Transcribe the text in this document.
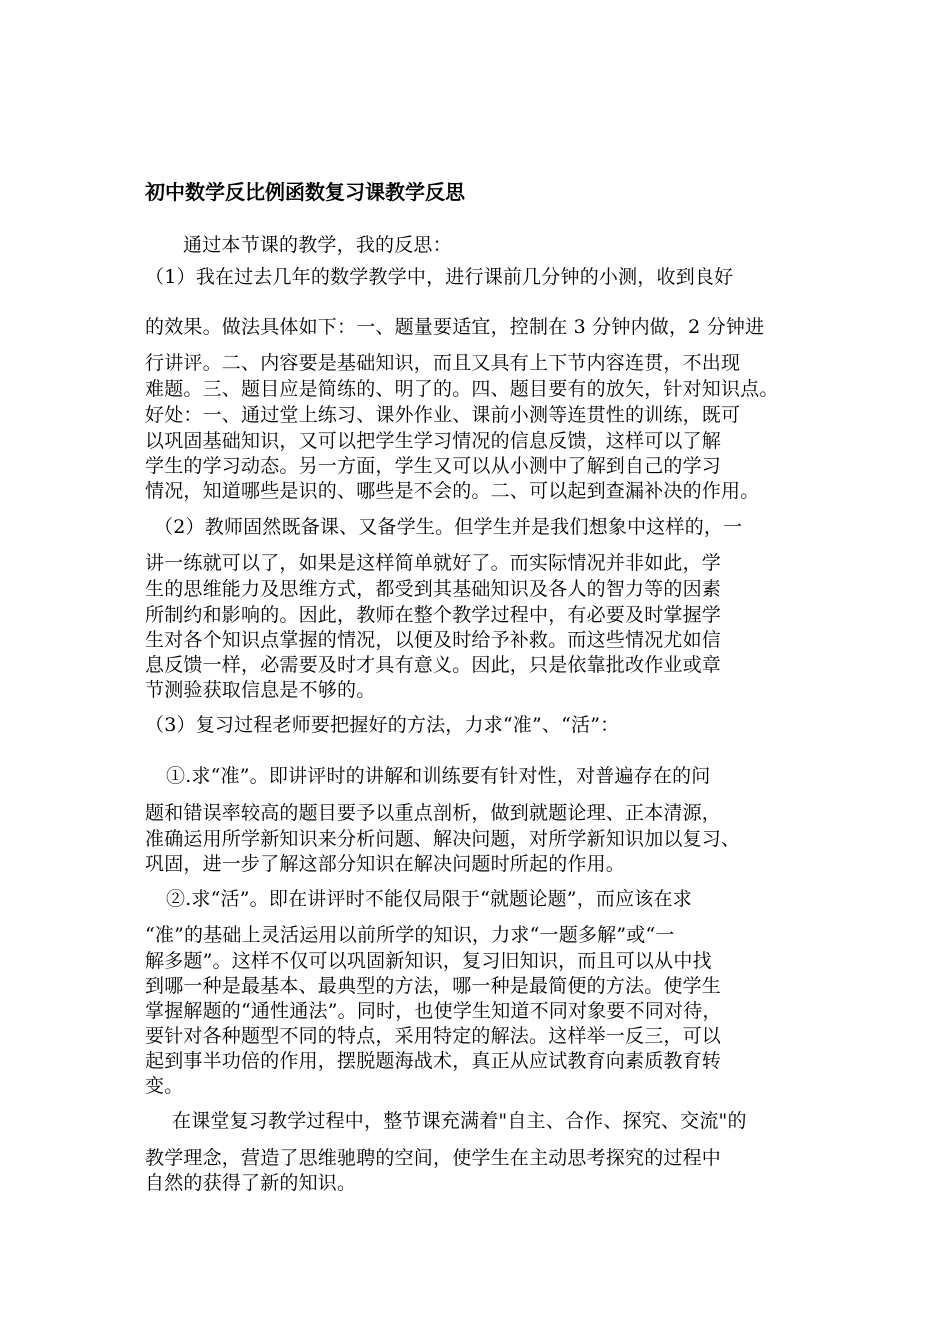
初中数学反比例函数复习课教学反思
通过本节课的教学，我的反思：
（1）我在过去几年的数学教学中，进行课前几分钟的小测，收到良好
的效果。做法具体如下：一、题量要适宜，控制在 3 分钟内做，2 分钟进
行讲评。二、内容要是基础知识，而且又具有上下节内容连贯，不出现
难题。三、题目应是简练的、明了的。四、题目要有的放矢，针对知识点。
好处：一、通过堂上练习、课外作业、课前小测等连贯性的训练，既可
以巩固基础知识，又可以把学生学习情况的信息反馈，这样可以了解
学生的学习动态。另一方面，学生又可以从小测中了解到自己的学习
情况，知道哪些是识的、哪些是不会的。二、可以起到查漏补决的作用。
（2）教师固然既备课、又备学生。但学生并是我们想象中这样的，一
讲一练就可以了，如果是这样简单就好了。而实际情况并非如此，学
生的思维能力及思维方式，都受到其基础知识及各人的智力等的因素
所制约和影响的。因此，教师在整个教学过程中，有必要及时掌握学
生对各个知识点掌握的情况，以便及时给予补救。而这些情况尤如信
息反馈一样，必需要及时才具有意义。因此，只是依靠批改作业或章
节测验获取信息是不够的。
（3）复习过程老师要把握好的方法，力求“准”、“活”：
①.求“准”。即讲评时的讲解和训练要有针对性，对普遍存在的问
题和错误率较高的题目要予以重点剖析，做到就题论理、正本清源，
准确运用所学新知识来分析问题、解决问题，对所学新知识加以复习、
巩固，进一步了解这部分知识在解决问题时所起的作用。
②.求“活”。即在讲评时不能仅局限于“就题论题”，而应该在求
“准”的基础上灵活运用以前所学的知识，力求“一题多解”或“一
解多题”。这样不仅可以巩固新知识，复习旧知识，而且可以从中找
到哪一种是最基本、最典型的方法，哪一种是最简便的方法。使学生
掌握解题的“通性通法”。同时，也使学生知道不同对象要不同对待，
要针对各种题型不同的特点，采用特定的解法。这样举一反三，可以
起到事半功倍的作用，摆脱题海战术，真正从应试教育向素质教育转
变。
在课堂复习教学过程中，整节课充满着"自主、合作、探究、交流"的
教学理念，营造了思维驰聘的空间，使学生在主动思考探究的过程中
自然的获得了新的知识。
